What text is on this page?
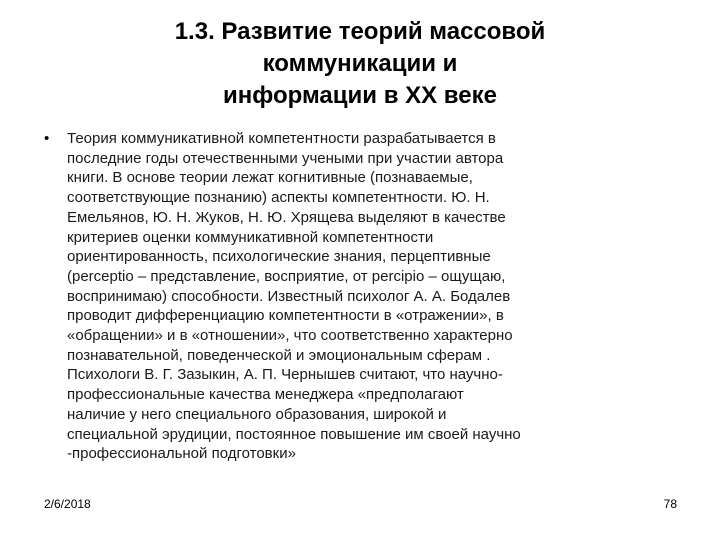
1.3. Развитие теорий массовой
коммуникации и
информации в XX веке
• Теория коммуникативной компетентности разрабатывается в
последние годы отечественными учеными при участии автора
книги. В основе теории лежат когнитивные (познаваемые,
соответствующие познанию) аспекты компетентности. Ю. Н.
Емельянов, Ю. Н. Жуков, Н. Ю. Хрящева выделяют в качестве
критериев оценки коммуникативной компетентности
ориентированность, психологические знания, перцептивные
(perceptio – представление, восприятие, от percipio – ощущаю,
воспринимаю) способности. Известный психолог А. А. Бодалев
проводит дифференциацию компетентности в «отражении», в
«обращении» и в «отношении», что соответственно характерно
познавательной, поведенческой и эмоциональным сферам .
Психологи В. Г. Зазыкин, А. П. Чернышев считают, что научно-
профессиональные качества менеджера «предполагают
наличие у него специального образования, широкой и
специальной эрудиции, постоянное повышение им своей научно
-профессиональной подготовки»
2/6/2018	78
